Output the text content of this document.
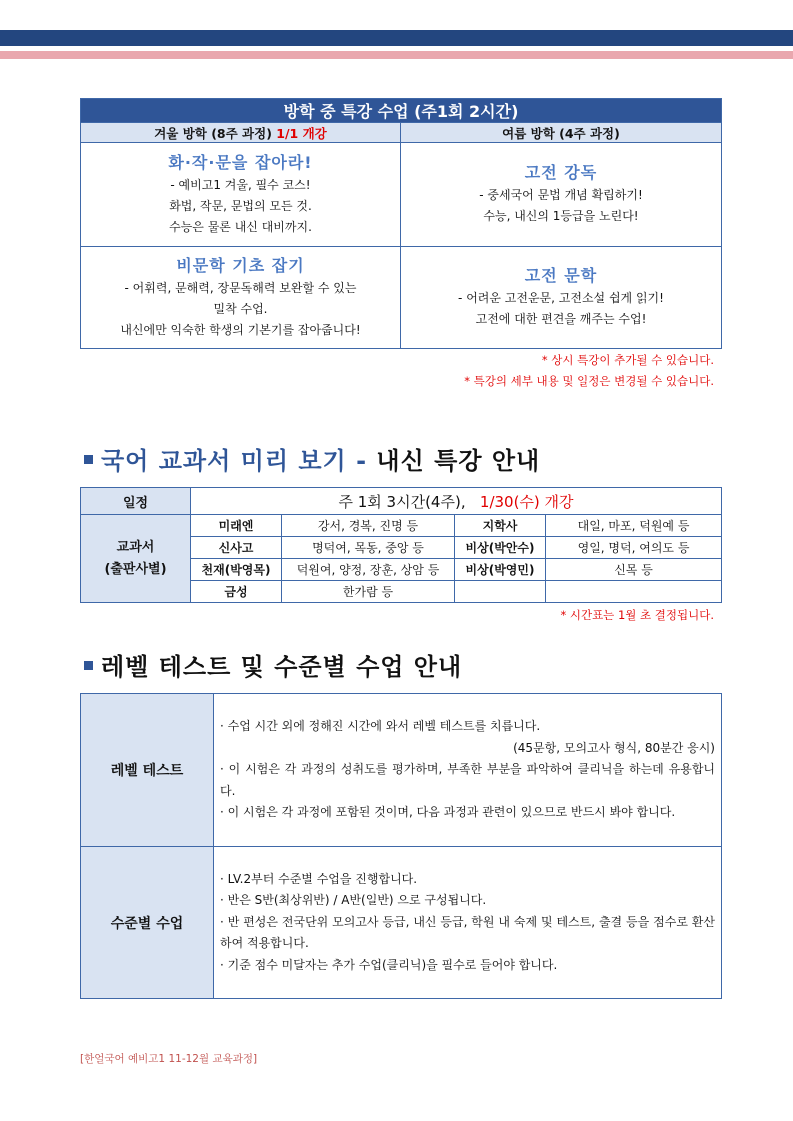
방학 중 특강 수업 (주1회 2시간)	
겨울 방학 (8주 과정) 1/1 개강	여름 방학 (4주 과정)

화·작·문을 잡아라!
- 예비고1 겨울, 필수 코스!
화법, 작문, 문법의 모든 것.
수능은 물론 내신 대비까지.	고전 강독
- 중세국어 문법 개념 확립하기!
수능, 내신의 1등급을 노린다!

비문학 기초 잡기
- 어휘력, 문해력, 장문독해력 보완할 수 있는
밀착 수업.
내신에만 익숙한 학생의 기본기를 잡아줍니다!	고전 문학
- 어려운 고전운문, 고전소설 쉽게 읽기!
고전에 대한 편견을 깨주는 수업!
* 상시 특강이 추가될 수 있습니다.
* 특강의 세부 내용 및 일정은 변경될 수 있습니다.
국어 교과서 미리 보기 - 내신 특강 안내
일정	주 1회 3시간(4주), 1/30(수) 개강			
교과서
(출판사별)	미래엔	강서, 경복, 진명 등	지학사	대일, 마포, 덕원예 등
	신사고	명덕여, 목동, 중앙 등	비상(박안수)	영일, 명덕, 여의도 등
	천재(박영목)	덕원여, 양정, 장훈, 상암 등	비상(박영민)	신목 등
	금성	한가람 등		
* 시간표는 1월 초 결정됩니다.
레벨 테스트 및 수준별 수업 안내
레벨 테스트	· 수업 시간 외에 정해진 시간에 와서 레벨 테스트를 치릅니다.
(45문항, 모의고사 형식, 80분간 응시)
· 이 시험은 각 과정의 성취도를 평가하며, 부족한 부분을 파악하여 클리닉을 하는데 유용합니다.
· 이 시험은 각 과정에 포함된 것이며, 다음 과정과 관련이 있으므로 반드시 봐야 합니다.

수준별 수업	· LV.2부터 수준별 수업을 진행합니다.
· 반은 S반(최상위반) / A반(일반) 으로 구성됩니다.
· 반 편성은 전국단위 모의고사 등급, 내신 등급, 학원 내 숙제 및 테스트, 출결 등을 점수로 환산하여 적용합니다.
· 기준 점수 미달자는 추가 수업(클리닉)을 필수로 들어야 합니다.
[한얼국어 예비고1 11-12월 교육과정]
